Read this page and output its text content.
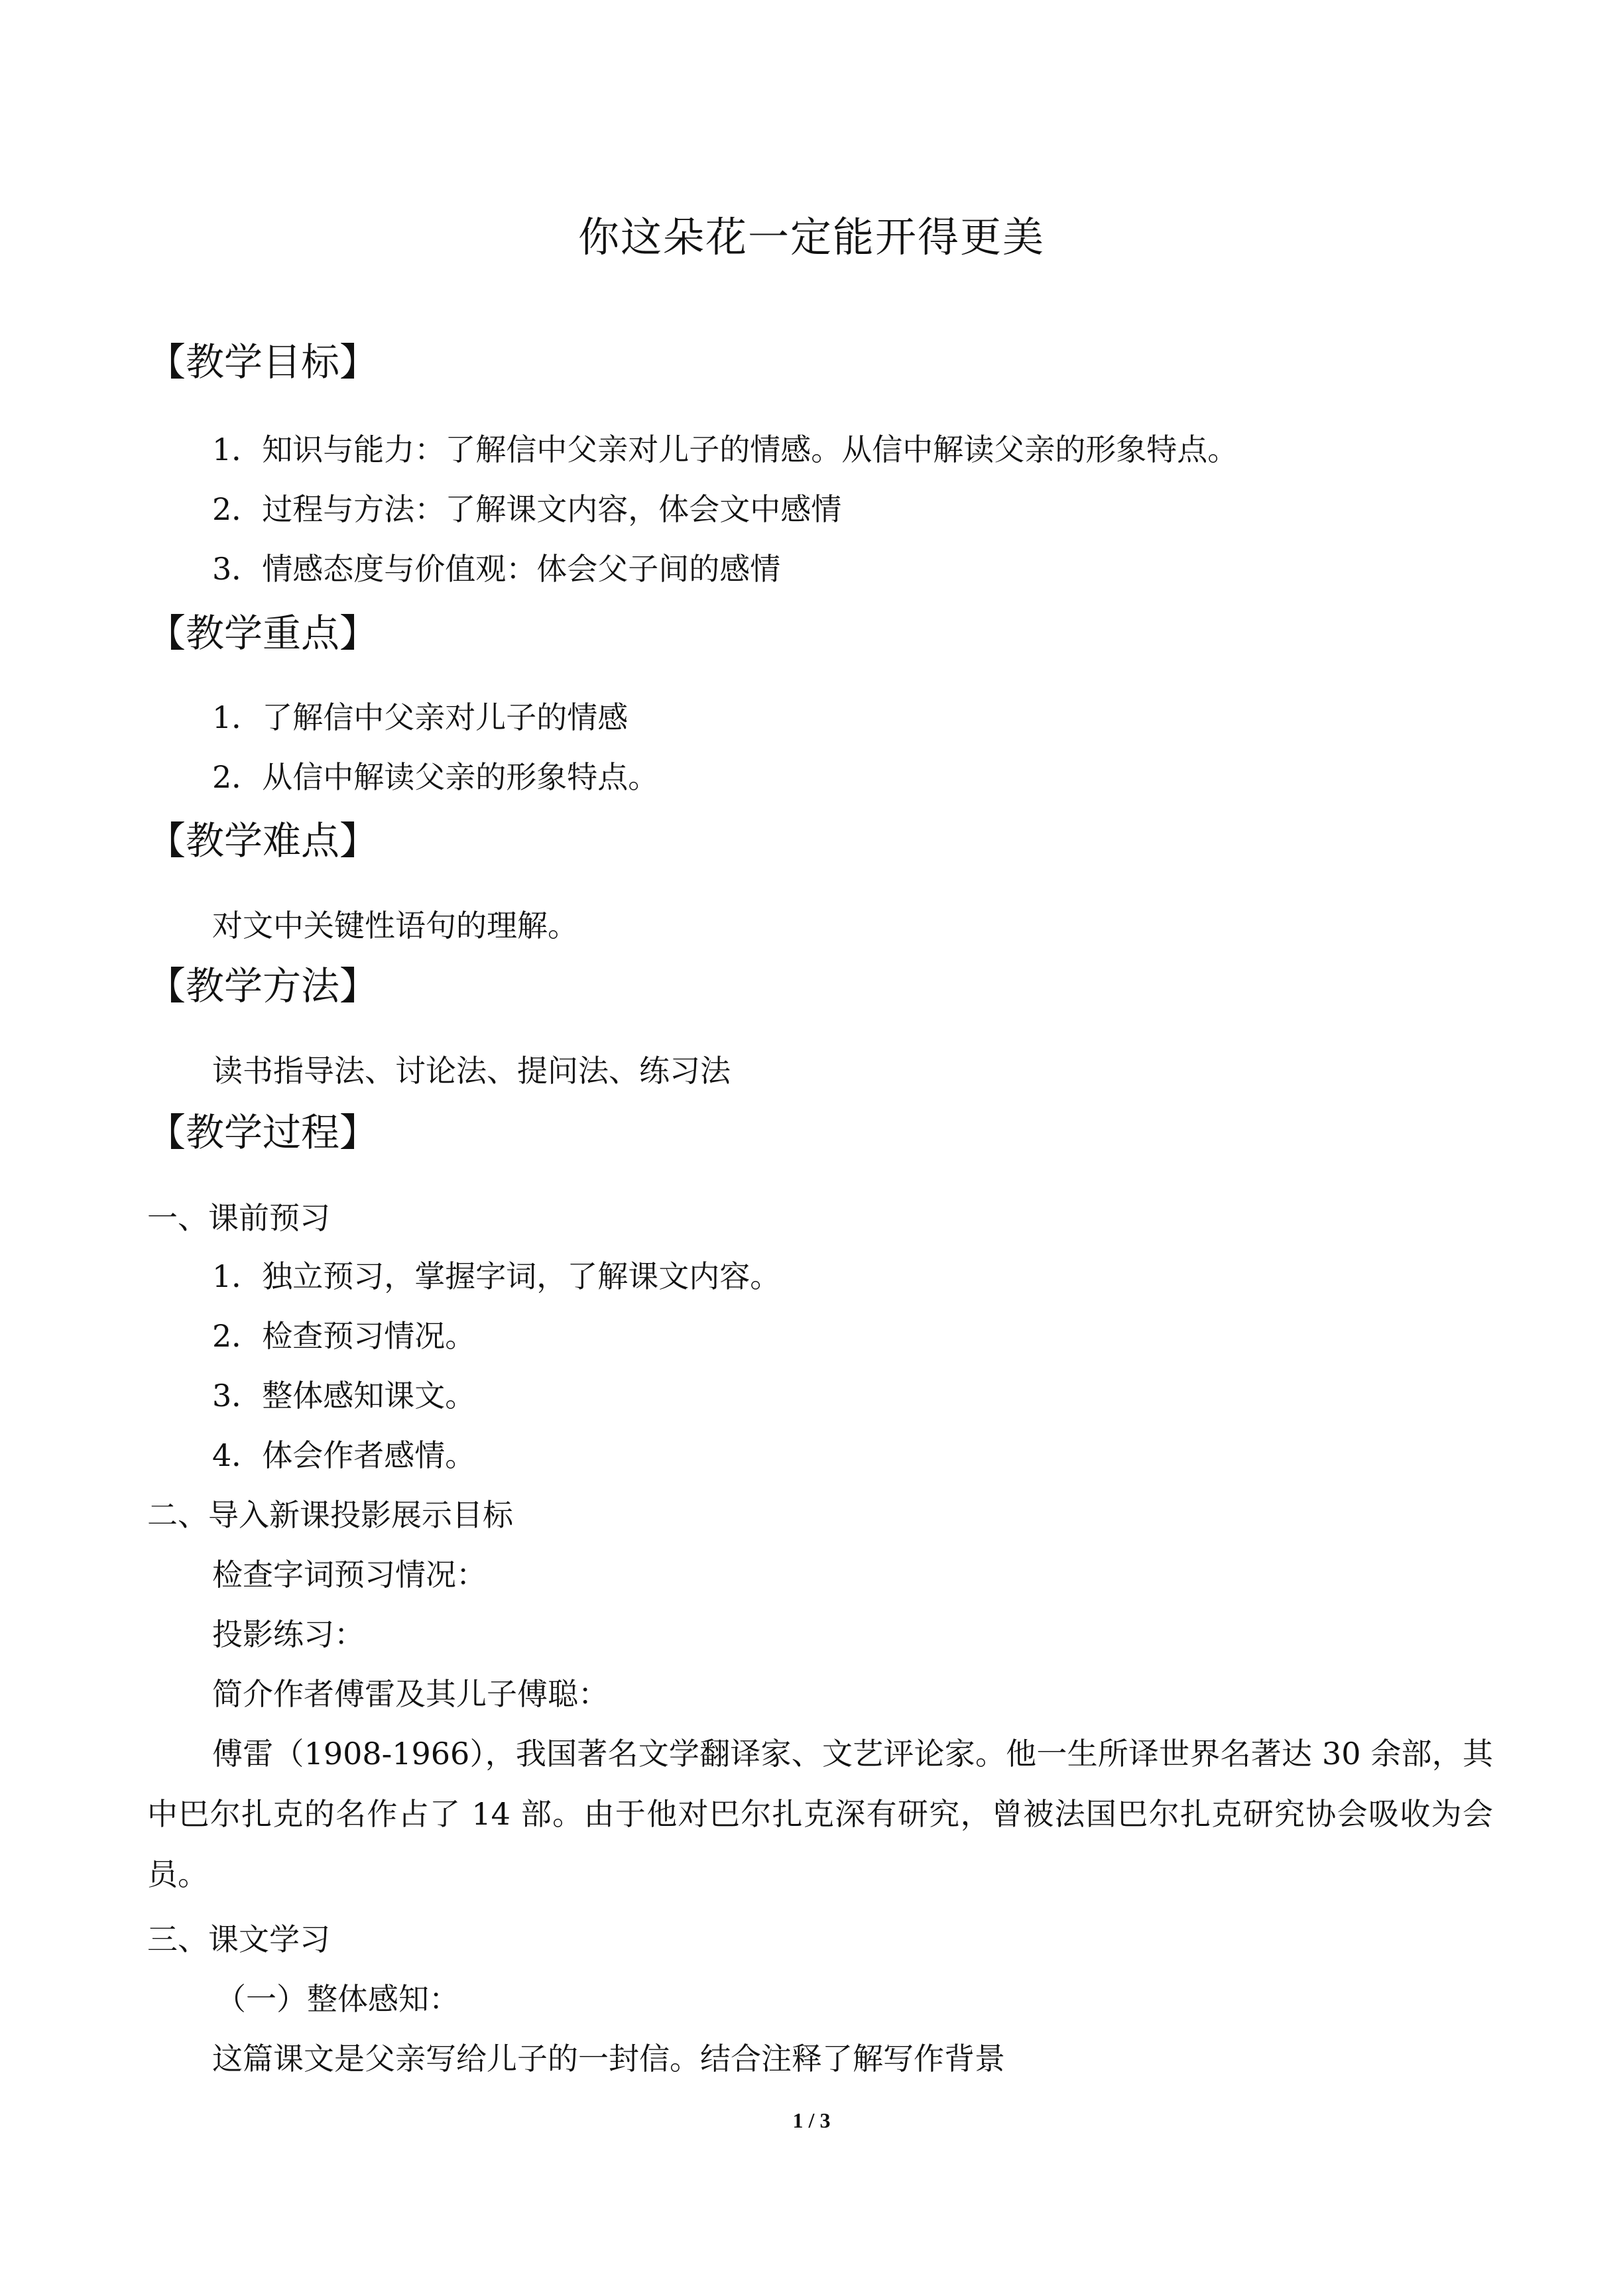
你这朵花一定能开得更美
【教学目标】
1．知识与能力：了解信中父亲对儿子的情感。从信中解读父亲的形象特点。
2．过程与方法：了解课文内容，体会文中感情
3．情感态度与价值观：体会父子间的感情
【教学重点】
1．了解信中父亲对儿子的情感
2．从信中解读父亲的形象特点。
【教学难点】
对文中关键性语句的理解。
【教学方法】
读书指导法、讨论法、提问法、练习法
【教学过程】
一、课前预习
1．独立预习，掌握字词，了解课文内容。
2．检查预习情况。
3．整体感知课文。
4．体会作者感情。
二、导入新课投影展示目标
检查字词预习情况：
投影练习：
简介作者傅雷及其儿子傅聪：
傅雷（1908-1966），我国著名文学翻译家、文艺评论家。他一生所译世界名著达 30 余部，其中巴尔扎克的名作占了 14 部。由于他对巴尔扎克深有研究，曾被法国巴尔扎克研究协会吸收为会员。
三、课文学习
（一）整体感知：
这篇课文是父亲写给儿子的一封信。结合注释了解写作背景
1 / 3
